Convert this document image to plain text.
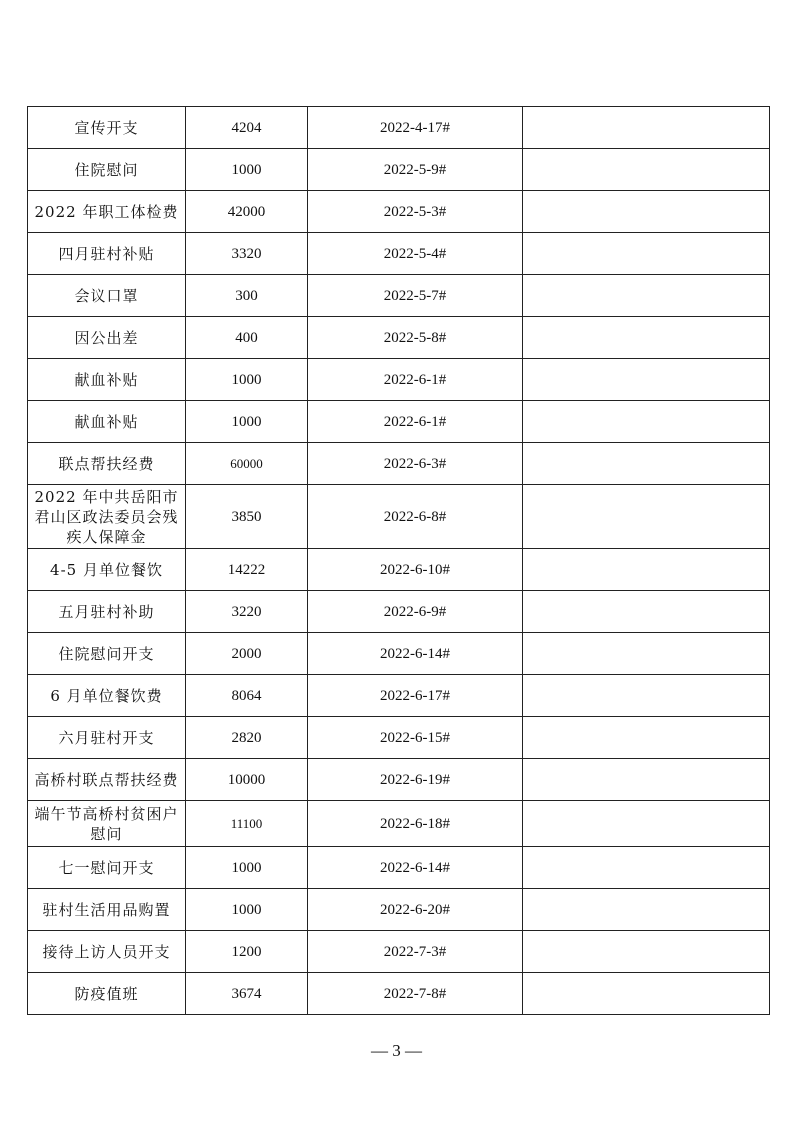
宣传开支	4204	2022-4-17#	
住院慰问	1000	2022-5-9#	
2022 年职工体检费	42000	2022-5-3#	
四月驻村补贴	3320	2022-5-4#	
会议口罩	300	2022-5-7#	
因公出差	400	2022-5-8#	
献血补贴	1000	2022-6-1#	
献血补贴	1000	2022-6-1#	
联点帮扶经费	60000	2022-6-3#	
2022 年中共岳阳市君山区政法委员会残疾人保障金	3850	2022-6-8#	
4-5 月单位餐饮	14222	2022-6-10#	
五月驻村补助	3220	2022-6-9#	
住院慰问开支	2000	2022-6-14#	
6 月单位餐饮费	8064	2022-6-17#	
六月驻村开支	2820	2022-6-15#	
高桥村联点帮扶经费	10000	2022-6-19#	
端午节高桥村贫困户慰问	11100	2022-6-18#	
七一慰问开支	1000	2022-6-14#	
驻村生活用品购置	1000	2022-6-20#	
接待上访人员开支	1200	2022-7-3#	
防疫值班	3674	2022-7-8#	
— 3 —
